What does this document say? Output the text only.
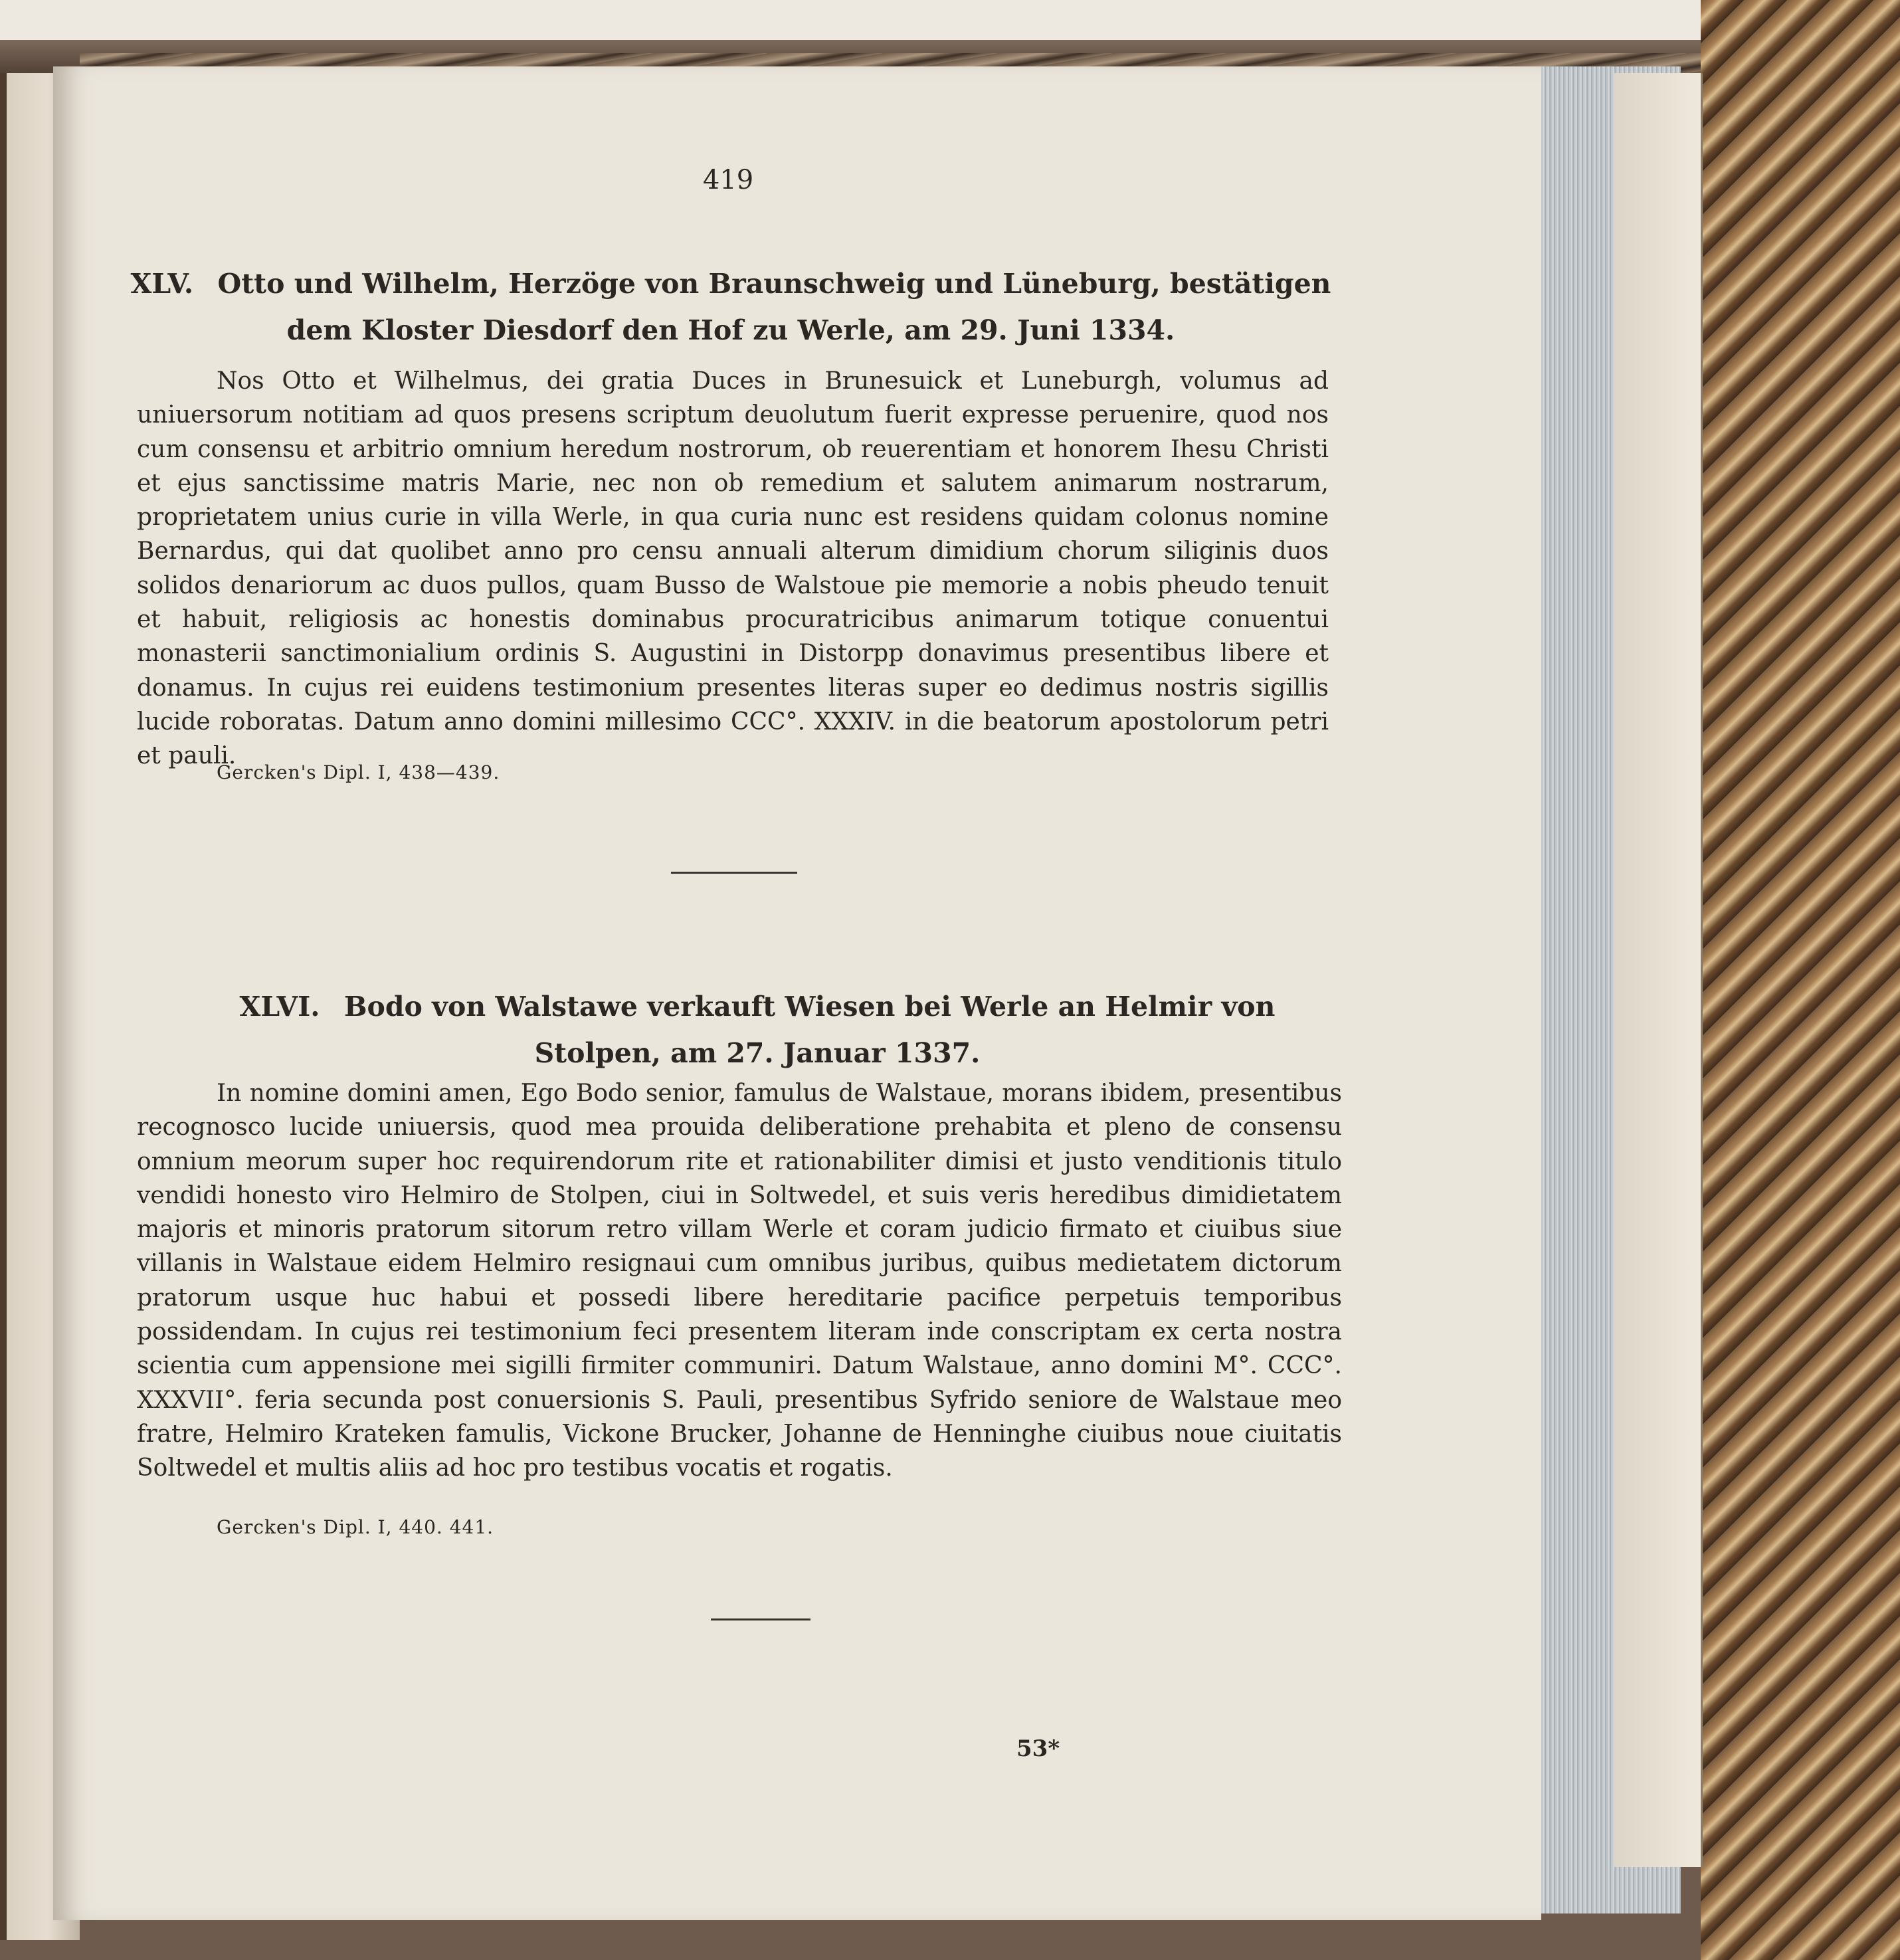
419
XLV. Otto und Wilhelm, Herzöge von Braunschweig und Lüneburg, bestätigen dem Kloster Diesdorf den Hof zu Werle, am 29. Juni 1334.

Nos Otto et Wilhelmus, dei gratia Duces in Brunesuick et Luneburgh, volumus ad uniuersorum notitiam ad quos presens scriptum deuolutum fuerit expresse peruenire, quod nos cum consensu et arbitrio omnium heredum nostrorum, ob reuerentiam et honorem Ihesu Christi et ejus sanctissime matris Marie, nec non ob remedium et salutem animarum nostrarum, proprietatem unius curie in villa Werle, in qua curia nunc est residens quidam colonus nomine Bernardus, qui dat quolibet anno pro censu annuali alterum dimidium chorum siliginis duos solidos denariorum ac duos pullos, quam Busso de Walstoue pie memorie a nobis pheudo tenuit et habuit, religiosis ac honestis dominabus procuratricibus animarum totique conuentui monasterii sanctimonialium ordinis S. Augustini in Distorpp donavimus presentibus libere et donamus. In cujus rei euidens testimonium presentes literas super eo dedimus nostris sigillis lucide roboratas. Datum anno domini millesimo CCC°. XXXIV. in die beatorum apostolorum petri et pauli.

Gercken's Dipl. I, 438—439.
XLVI. Bodo von Walstawe verkauft Wiesen bei Werle an Helmir von Stolpen, am 27. Januar 1337.

In nomine domini amen, Ego Bodo senior, famulus de Walstaue, morans ibidem, presentibus recognosco lucide uniuersis, quod mea prouida deliberatione prehabita et pleno de consensu omnium meorum super hoc requirendorum rite et rationabiliter dimisi et justo venditionis titulo vendidi honesto viro Helmiro de Stolpen, ciui in Soltwedel, et suis veris heredibus dimidietatem majoris et minoris pratorum sitorum retro villam Werle et coram judicio firmato et ciuibus siue villanis in Walstaue eidem Helmiro resignaui cum omnibus juribus, quibus medietatem dictorum pratorum usque huc habui et possedi libere hereditarie pacifice perpetuis temporibus possidendam. In cujus rei testimonium feci presentem literam inde conscriptam ex certa nostra scientia cum appensione mei sigilli firmiter communiri. Datum Walstaue, anno domini M°. CCC°. XXXVII°. feria secunda post conuersionis S. Pauli, presentibus Syfrido seniore de Walstaue meo fratre, Helmiro Krateken famulis, Vickone Brucker, Johanne de Henninghe ciuibus noue ciuitatis Soltwedel et multis aliis ad hoc pro testibus vocatis et rogatis.

Gercken's Dipl. I, 440. 441.
53*
